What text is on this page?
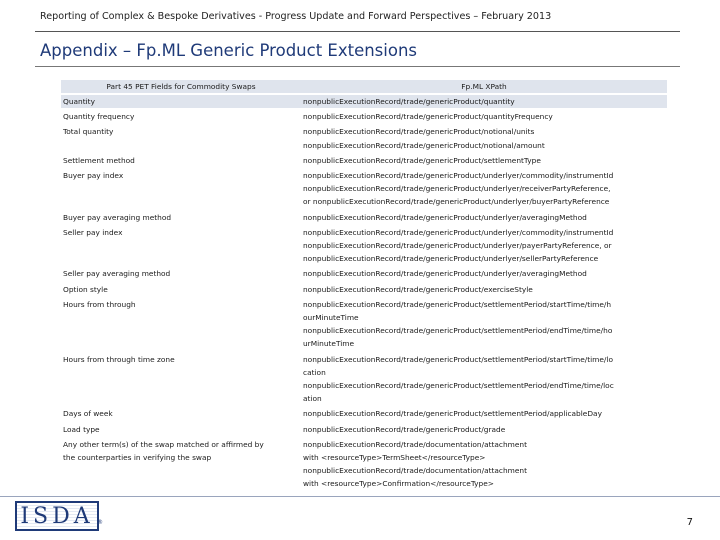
Reporting of Complex & Bespoke Derivatives - Progress Update and Forward Perspectives – February 2013
Appendix – Fp.ML Generic Product Extensions
Part 45 PET Fields for Commodity Swaps	Fp.ML XPath
Quantity	nonpublicExecutionRecord/trade/genericProduct/quantity
Quantity frequency	nonpublicExecutionRecord/trade/genericProduct/quantityFrequency
Total quantity	nonpublicExecutionRecord/trade/genericProduct/notional/units
nonpublicExecutionRecord/trade/genericProduct/notional/amount
Settlement method	nonpublicExecutionRecord/trade/genericProduct/settlementType
Buyer pay index	nonpublicExecutionRecord/trade/genericProduct/underlyer/commodity/instrumentId
nonpublicExecutionRecord/trade/genericProduct/underlyer/receiverPartyReference,
or nonpublicExecutionRecord/trade/genericProduct/underlyer/buyerPartyReference
Buyer pay averaging method	nonpublicExecutionRecord/trade/genericProduct/underlyer/averagingMethod
Seller pay index	nonpublicExecutionRecord/trade/genericProduct/underlyer/commodity/instrumentId
nonpublicExecutionRecord/trade/genericProduct/underlyer/payerPartyReference, or
nonpublicExecutionRecord/trade/genericProduct/underlyer/sellerPartyReference
Seller pay averaging method	nonpublicExecutionRecord/trade/genericProduct/underlyer/averagingMethod
Option style	nonpublicExecutionRecord/trade/genericProduct/exerciseStyle
Hours from through	nonpublicExecutionRecord/trade/genericProduct/settlementPeriod/startTime/time/h
ourMinuteTime
nonpublicExecutionRecord/trade/genericProduct/settlementPeriod/endTime/time/ho
urMinuteTime
Hours from through time zone	nonpublicExecutionRecord/trade/genericProduct/settlementPeriod/startTime/time/lo
cation
nonpublicExecutionRecord/trade/genericProduct/settlementPeriod/endTime/time/loc
ation
Days of week	nonpublicExecutionRecord/trade/genericProduct/settlementPeriod/applicableDay
Load type	nonpublicExecutionRecord/trade/genericProduct/grade
Any other term(s) of the swap matched or affirmed by
the counterparties in verifying the swap	nonpublicExecutionRecord/trade/documentation/attachment
with <resourceType>TermSheet</resourceType>
nonpublicExecutionRecord/trade/documentation/attachment
with <resourceType>Confirmation</resourceType>
ISDA ®	7
